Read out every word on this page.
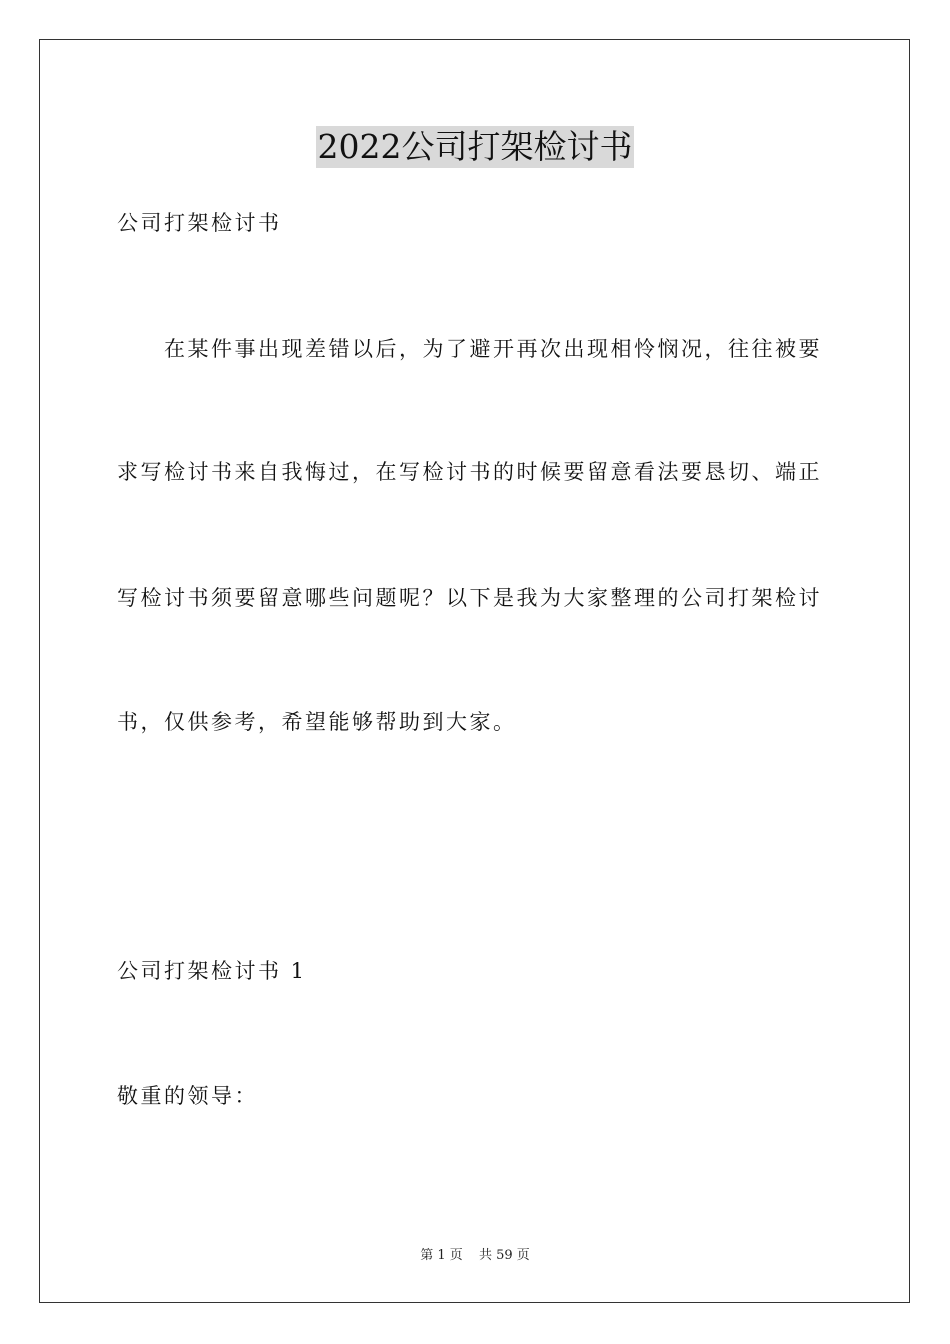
2022公司打架检讨书
公司打架检讨书
在某件事出现差错以后，为了避开再次出现相怜悯况，往往被要
求写检讨书来自我悔过，在写检讨书的时候要留意看法要恳切、端正
写检讨书须要留意哪些问题呢？以下是我为大家整理的公司打架检讨
书，仅供参考，希望能够帮助到大家。
公司打架检讨书 1
敬重的领导：
第 1 页 共 59 页
